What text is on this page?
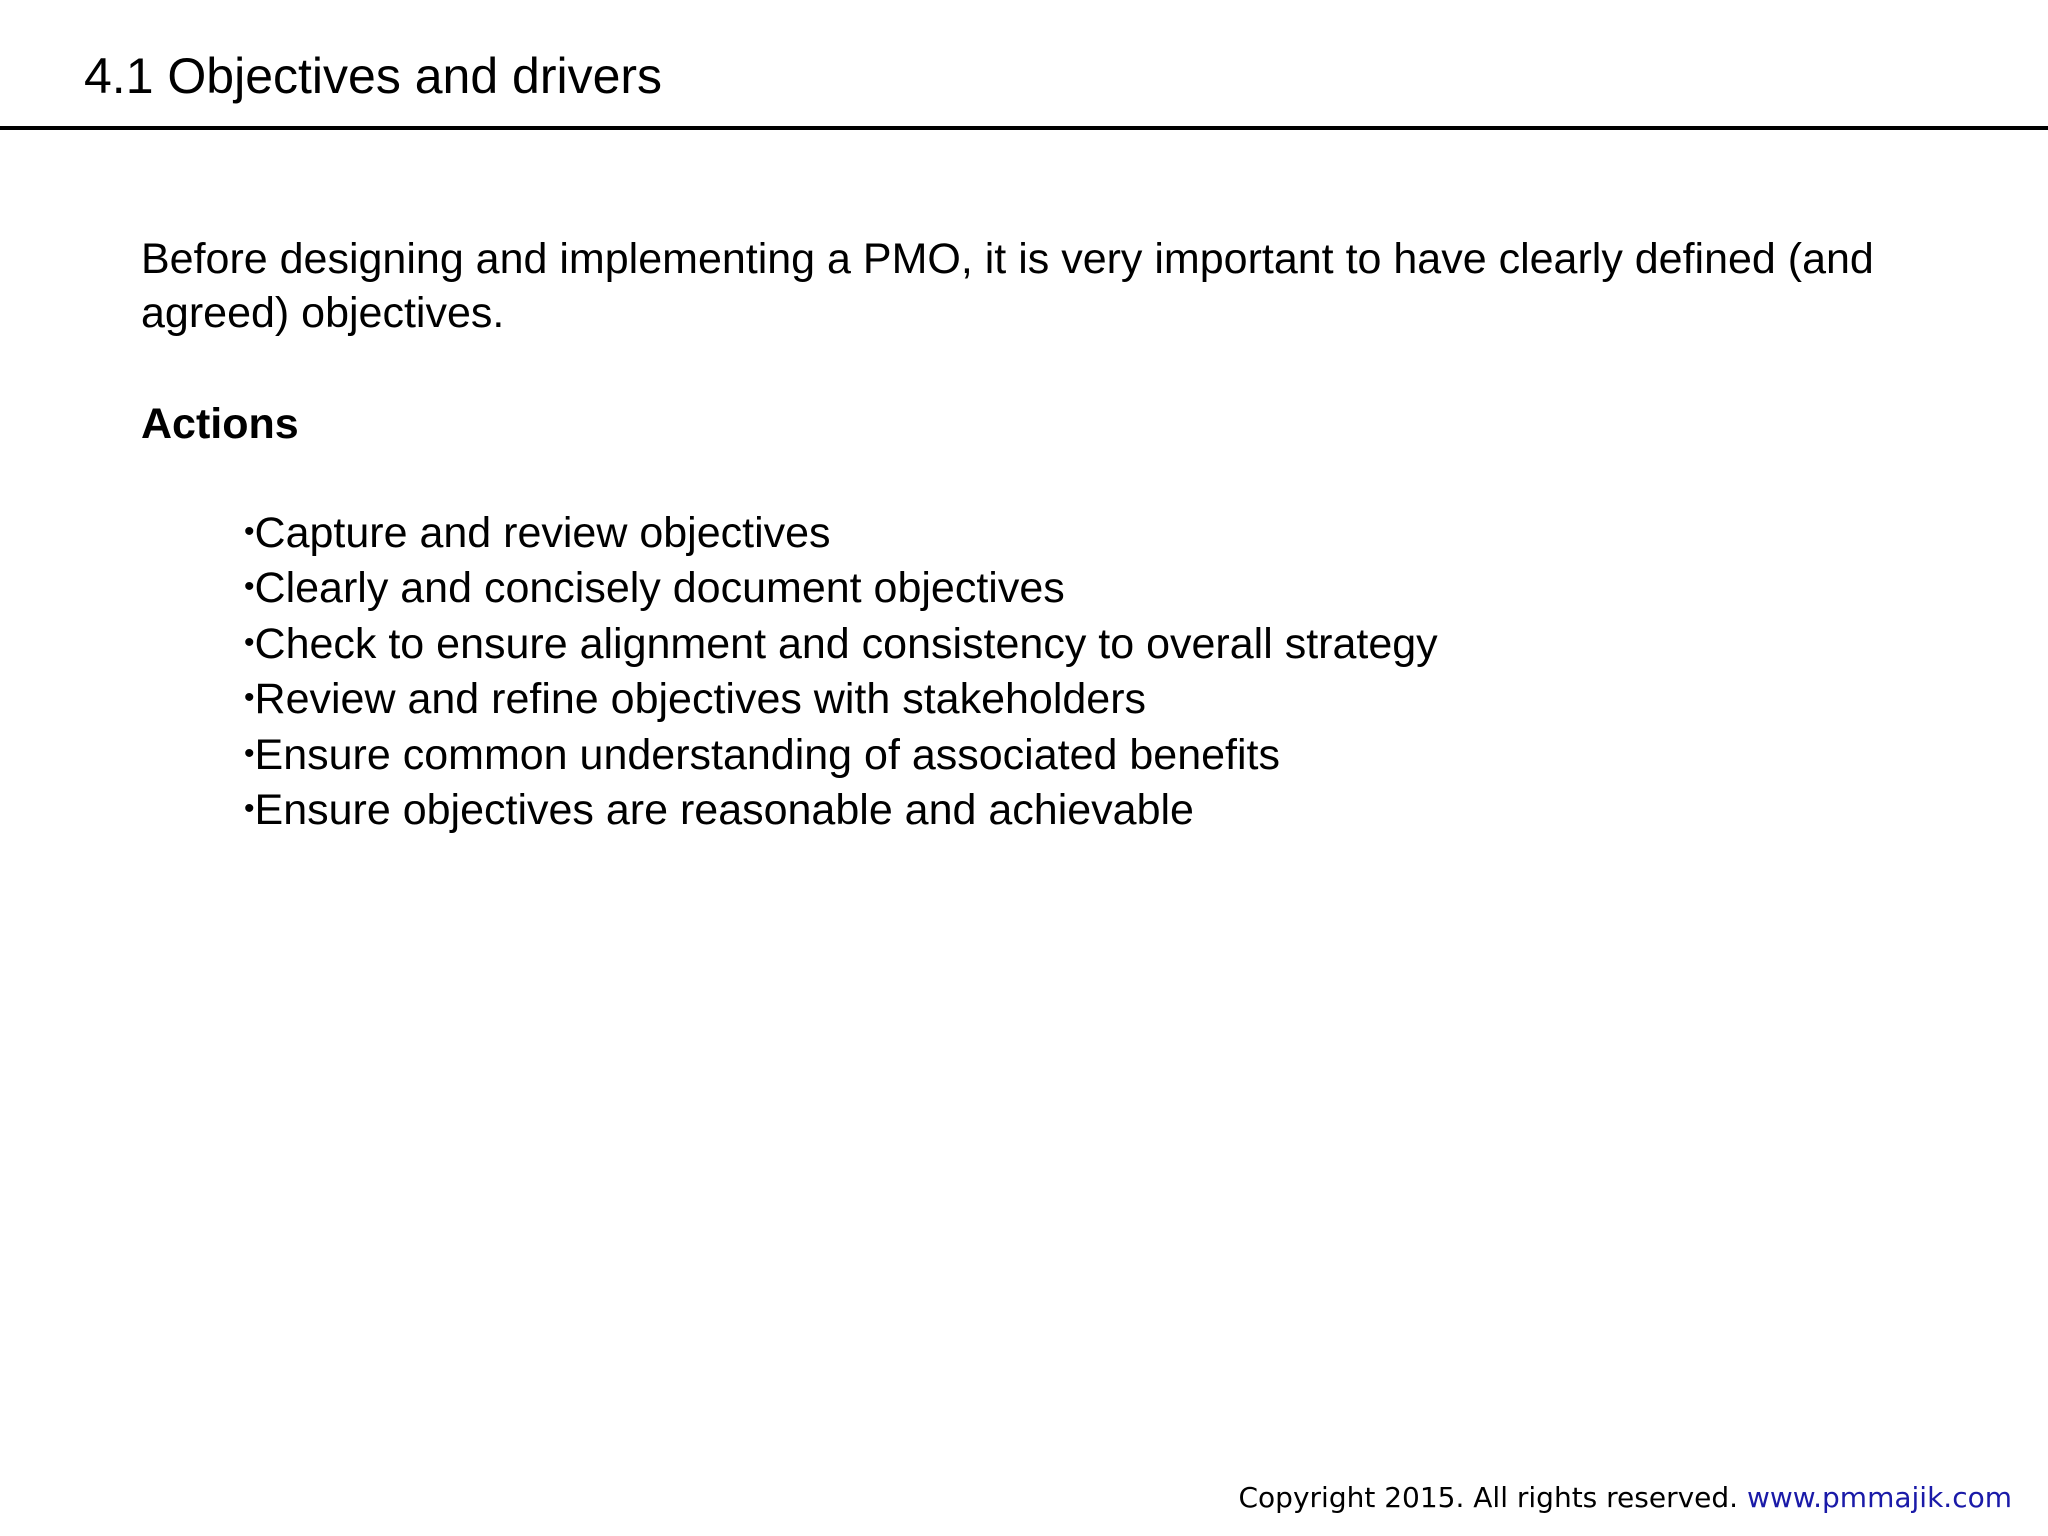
4.1 Objectives and drivers

Before designing and implementing a PMO, it is very important to have clearly defined (and agreed) objectives.

Actions
•Capture and review objectives
•Clearly and concisely document objectives
•Check to ensure alignment and consistency to overall strategy
•Review and refine objectives with stakeholders
•Ensure common understanding of associated benefits
•Ensure objectives are reasonable and achievable
Copyright 2015. All rights reserved. www.pmmajik.com
